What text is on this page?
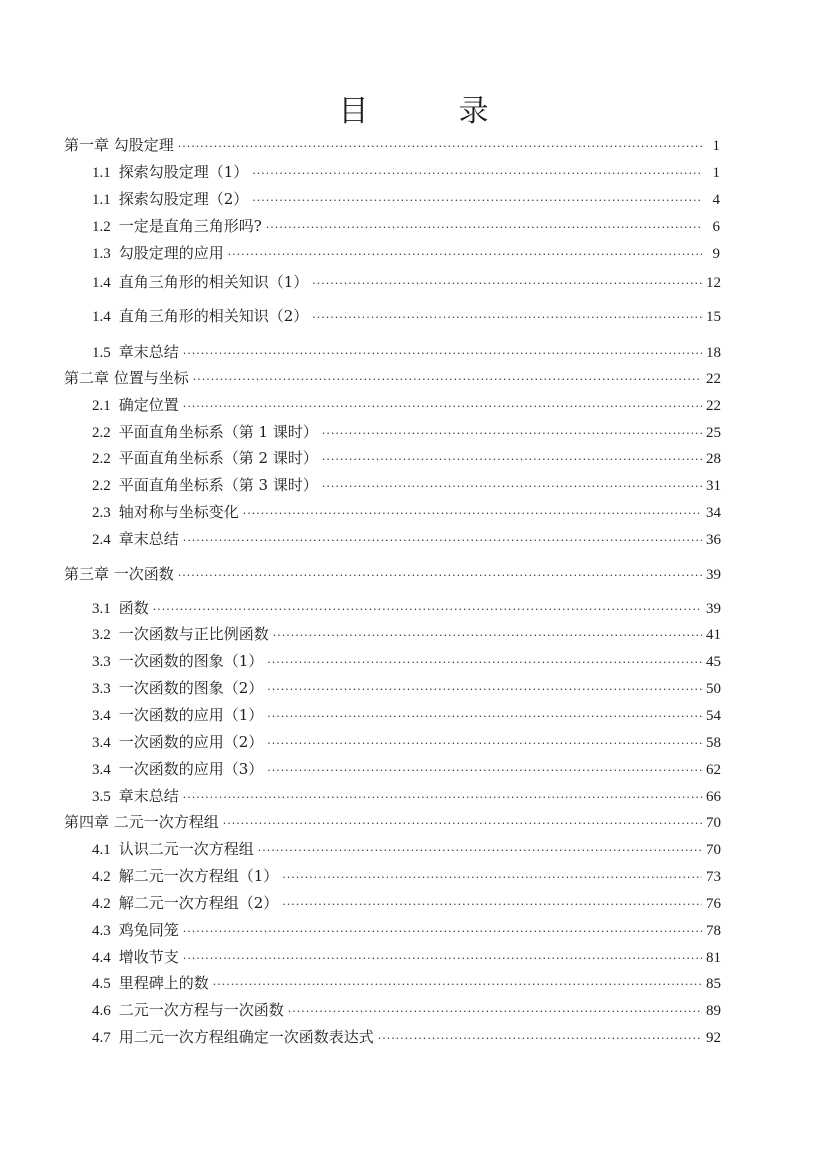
目　录
第一章 勾股定理 ·····	1
1.1 探索勾股定理（1） ·····	1
1.1 探索勾股定理（2） ·····	4
1.2 一定是直角三角形吗? ·····	6
1.3 勾股定理的应用 ·····	9
1.4 直角三角形的相关知识（1） ·····	12
1.4 直角三角形的相关知识（2） ·····	15
1.5 章末总结 ·····	18
第二章 位置与坐标 ·····	22
2.1 确定位置 ·····	22
2.2 平面直角坐标系（第 1 课时） ·····	25
2.2 平面直角坐标系（第 2 课时） ·····	28
2.2 平面直角坐标系（第 3 课时） ·····	31
2.3 轴对称与坐标变化 ·····	34
2.4 章末总结 ·····	36
第三章 一次函数 ·····	39
3.1 函数 ·····	39
3.2 一次函数与正比例函数 ·····	41
3.3 一次函数的图象（1） ·····	45
3.3 一次函数的图象（2） ·····	50
3.4 一次函数的应用（1） ·····	54
3.4 一次函数的应用（2） ·····	58
3.4 一次函数的应用（3） ·····	62
3.5 章末总结 ·····	66
第四章 二元一次方程组 ·····	70
4.1 认识二元一次方程组 ·····	70
4.2 解二元一次方程组（1） ·····	73
4.2 解二元一次方程组（2） ·····	76
4.3 鸡兔同笼 ·····	78
4.4 增收节支 ·····	81
4.5 里程碑上的数 ·····	85
4.6 二元一次方程与一次函数 ·····	89
4.7 用二元一次方程组确定一次函数表达式 ·····	92
